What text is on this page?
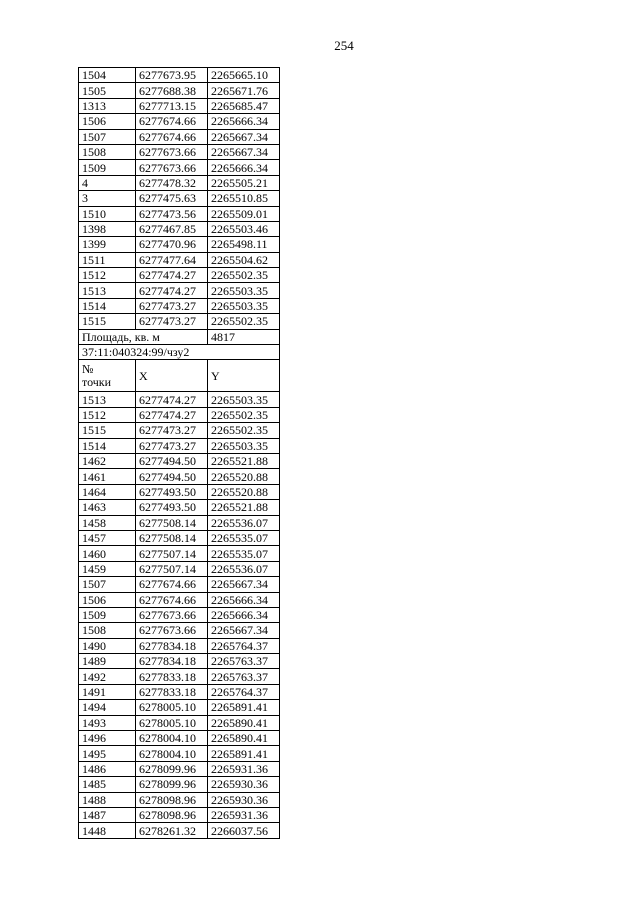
254
1504	6277673.95	2265665.10
1505	6277688.38	2265671.76
1313	6277713.15	2265685.47
1506	6277674.66	2265666.34
1507	6277674.66	2265667.34
1508	6277673.66	2265667.34
1509	6277673.66	2265666.34
4	6277478.32	2265505.21
3	6277475.63	2265510.85
1510	6277473.56	2265509.01
1398	6277467.85	2265503.46
1399	6277470.96	2265498.11
1511	6277477.64	2265504.62
1512	6277474.27	2265502.35
1513	6277474.27	2265503.35
1514	6277473.27	2265503.35
1515	6277473.27	2265502.35
Площадь, кв. м		4817
37:11:040324:99/чзу2		

№
точки	X	Y
1513	6277474.27	2265503.35
1512	6277474.27	2265502.35
1515	6277473.27	2265502.35
1514	6277473.27	2265503.35
1462	6277494.50	2265521.88
1461	6277494.50	2265520.88
1464	6277493.50	2265520.88
1463	6277493.50	2265521.88
1458	6277508.14	2265536.07
1457	6277508.14	2265535.07
1460	6277507.14	2265535.07
1459	6277507.14	2265536.07
1507	6277674.66	2265667.34
1506	6277674.66	2265666.34
1509	6277673.66	2265666.34
1508	6277673.66	2265667.34
1490	6277834.18	2265764.37
1489	6277834.18	2265763.37
1492	6277833.18	2265763.37
1491	6277833.18	2265764.37
1494	6278005.10	2265891.41
1493	6278005.10	2265890.41
1496	6278004.10	2265890.41
1495	6278004.10	2265891.41
1486	6278099.96	2265931.36
1485	6278099.96	2265930.36
1488	6278098.96	2265930.36
1487	6278098.96	2265931.36
1448	6278261.32	2266037.56
